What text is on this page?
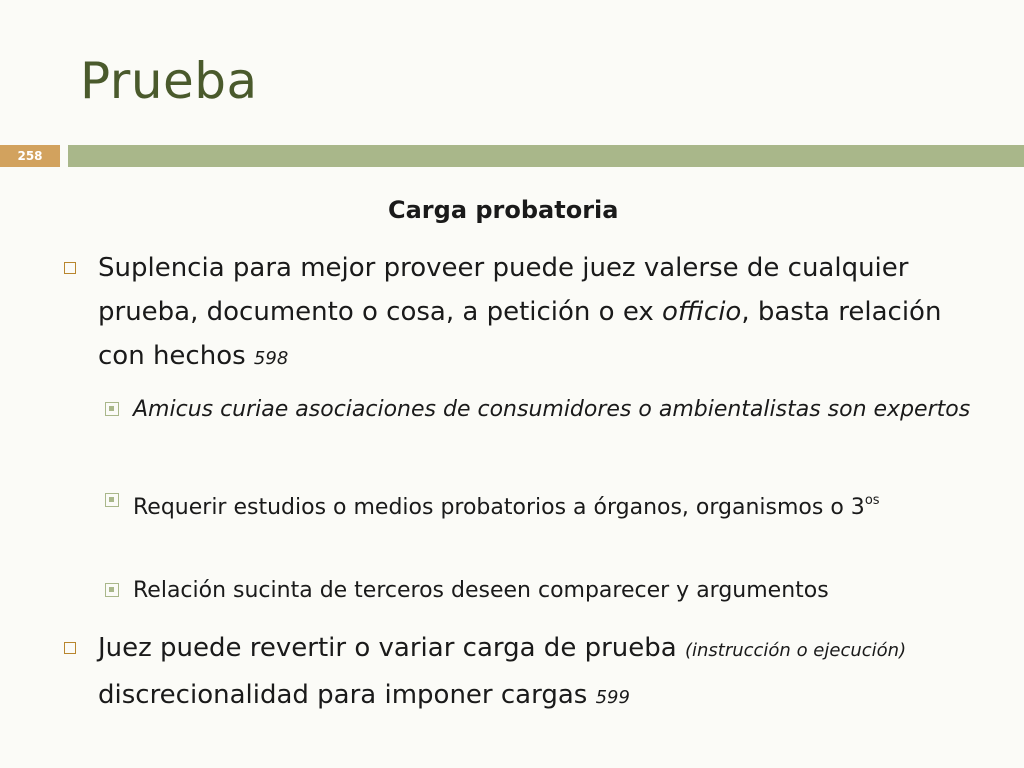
Prueba
258
Carga probatoria
Suplencia para mejor proveer puede juez valerse de cualquier prueba, documento o cosa, a petición o ex officio, basta relación con hechos 598
Amicus curiae asociaciones de consumidores o ambientalistas son expertos
Requerir estudios o medios probatorios a órganos, organismos o $3^{os}$
Relación sucinta de terceros deseen comparecer y argumentos
Juez puede revertir o variar carga de prueba (instrucción o ejecución) discrecionalidad para imponer cargas 599
